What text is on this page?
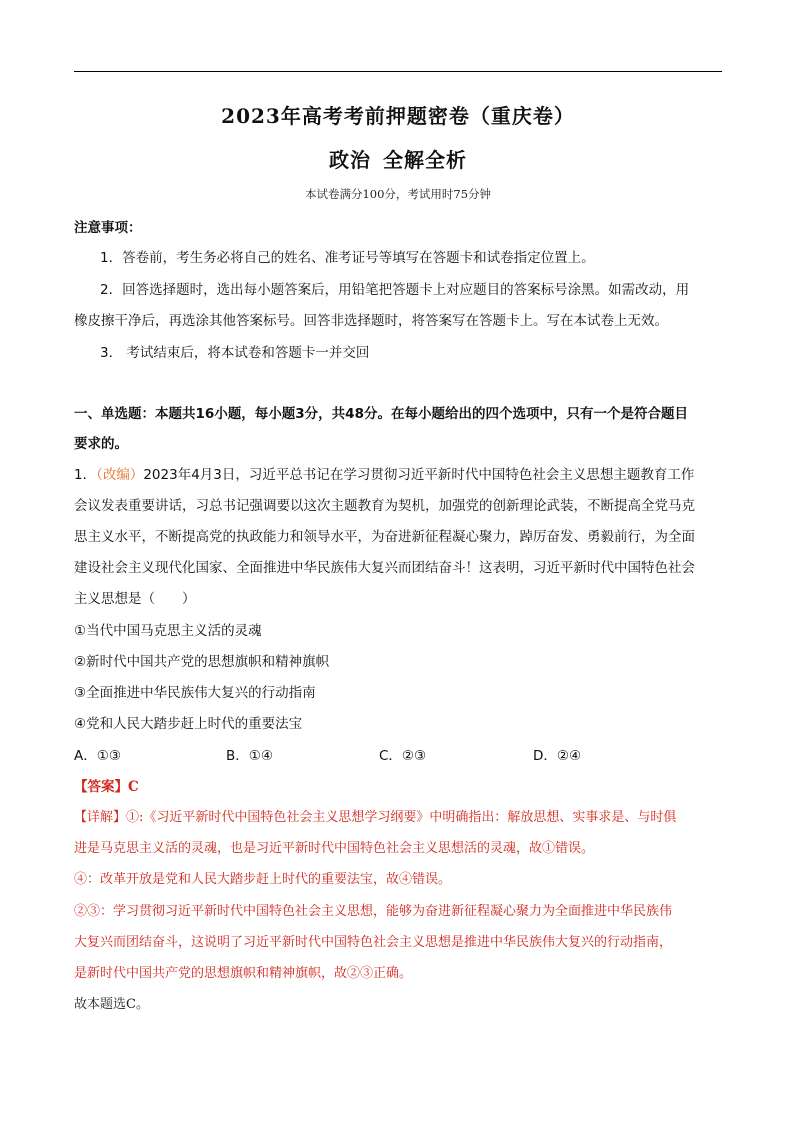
2023年高考考前押题密卷（重庆卷）
政治 全解全析
本试卷满分100分，考试用时75分钟
注意事项：
1．答卷前，考生务必将自己的姓名、准考证号等填写在答题卡和试卷指定位置上。
2．回答选择题时，选出每小题答案后，用铅笔把答题卡上对应题目的答案标号涂黑。如需改动，用
橡皮擦干净后，再选涂其他答案标号。回答非选择题时，将答案写在答题卡上。写在本试卷上无效。
3． 考试结束后，将本试卷和答题卡一并交回
一、单选题：本题共16小题，每小题3分，共48分。在每小题给出的四个选项中，只有一个是符合题目
要求的。
1．（改编）2023年4月3日，习近平总书记在学习贯彻习近平新时代中国特色社会主义思想主题教育工作
会议发表重要讲话，习总书记强调要以这次主题教育为契机，加强党的创新理论武装，不断提高全党马克
思主义水平，不断提高党的执政能力和领导水平，为奋进新征程凝心聚力，踔厉奋发、勇毅前行，为全面
建设社会主义现代化国家、全面推进中华民族伟大复兴而团结奋斗！这表明，习近平新时代中国特色社会
主义思想是（　　）
①当代中国马克思主义活的灵魂
②新时代中国共产党的思想旗帜和精神旗帜
③全面推进中华民族伟大复兴的行动指南
④党和人民大踏步赶上时代的重要法宝
A．①③	B．①④	C．②③	D．②④
【答案】C
【详解】①:《习近平新时代中国特色社会主义思想学习纲要》中明确指出：解放思想、实事求是、与时俱
进是马克思主义活的灵魂，也是习近平新时代中国特色社会主义思想活的灵魂，故①错误。
④：改革开放是党和人民大踏步赶上时代的重要法宝，故④错误。
②③：学习贯彻习近平新时代中国特色社会主义思想，能够为奋进新征程凝心聚力为全面推进中华民族伟
大复兴而团结奋斗，这说明了习近平新时代中国特色社会主义思想是推进中华民族伟大复兴的行动指南，
是新时代中国共产党的思想旗帜和精神旗帜，故②③正确。
故本题选C。
